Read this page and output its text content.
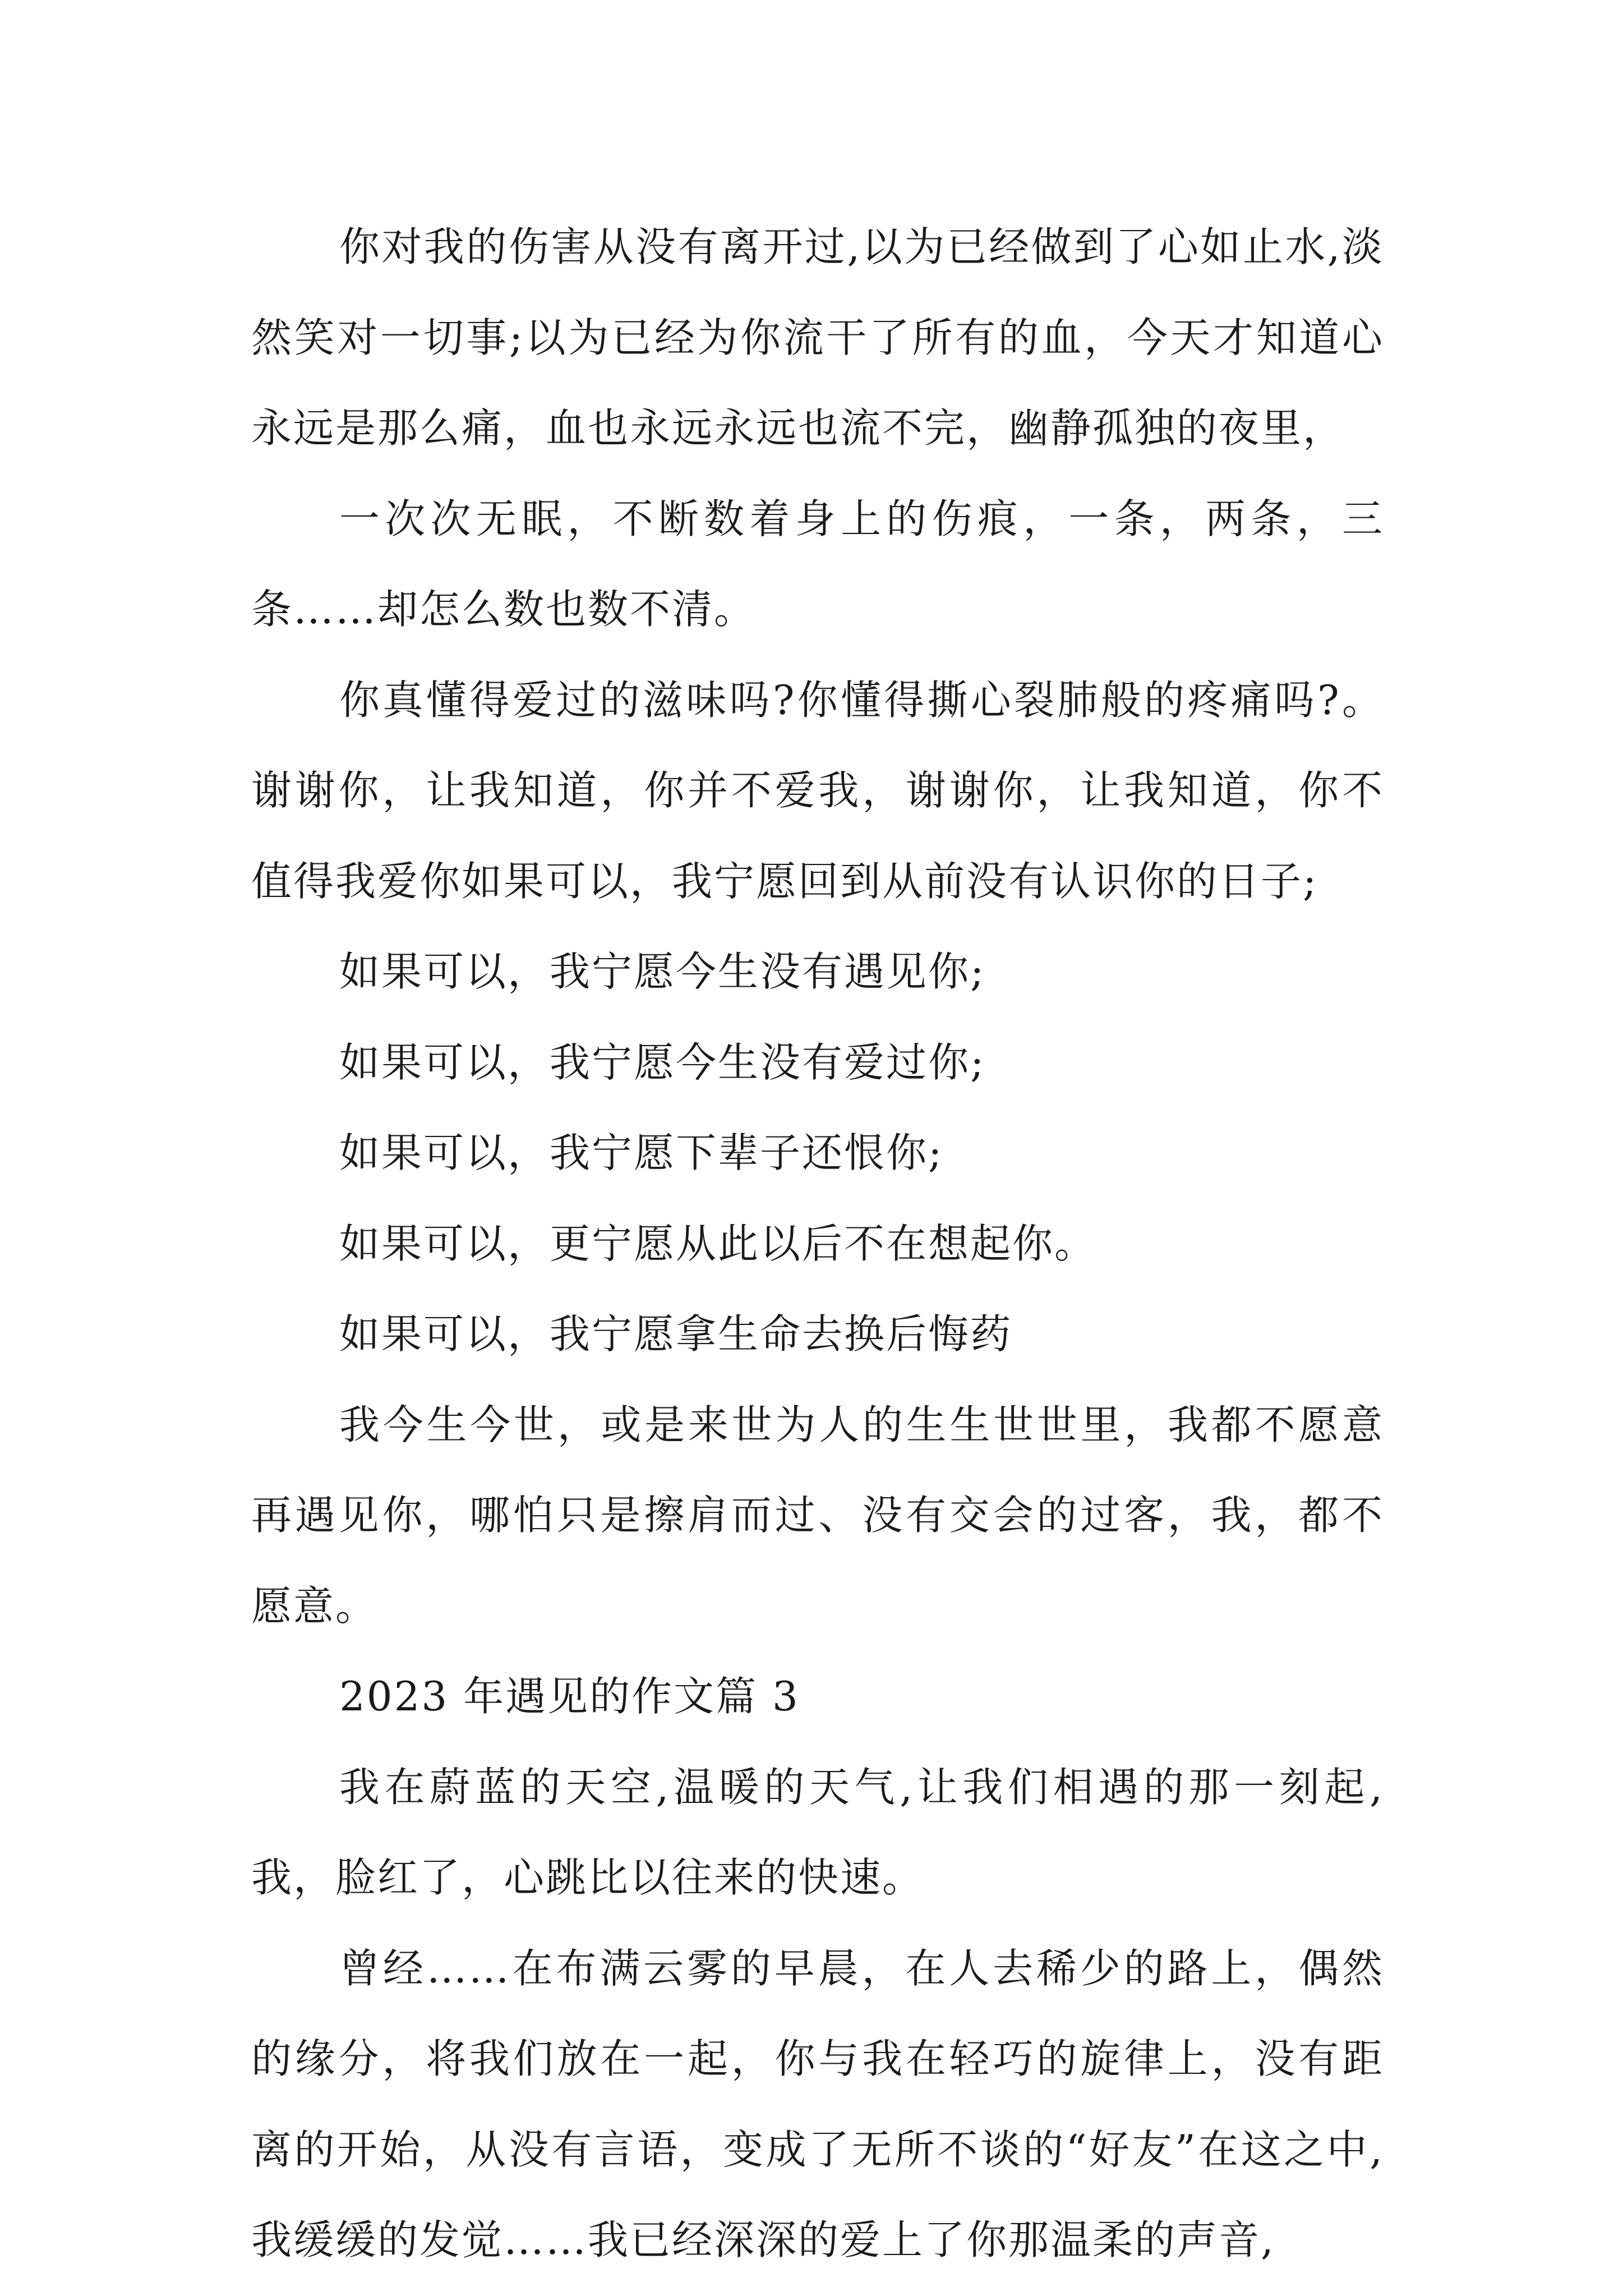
你对我的伤害从没有离开过,以为已经做到了心如止水,淡然笑对一切事;以为已经为你流干了所有的血，今天才知道心永远是那么痛，血也永远永远也流不完，幽静孤独的夜里，

一次次无眠，不断数着身上的伤痕，一条，两条，三条……却怎么数也数不清。

你真懂得爱过的滋味吗?你懂得撕心裂肺般的疼痛吗?。谢谢你，让我知道，你并不爱我，谢谢你，让我知道，你不值得我爱你如果可以，我宁愿回到从前没有认识你的日子;

如果可以，我宁愿今生没有遇见你;

如果可以，我宁愿今生没有爱过你;

如果可以，我宁愿下辈子还恨你;

如果可以，更宁愿从此以后不在想起你。

如果可以，我宁愿拿生命去换后悔药

我今生今世，或是来世为人的生生世世里，我都不愿意再遇见你，哪怕只是擦肩而过、没有交会的过客，我，都不愿意。

2023 年遇见的作文篇 3

我在蔚蓝的天空,温暖的天气,让我们相遇的那一刻起,我，脸红了，心跳比以往来的快速。

曾经……在布满云雾的早晨，在人去稀少的路上，偶然的缘分，将我们放在一起，你与我在轻巧的旋律上，没有距离的开始，从没有言语，变成了无所不谈的“好友”在这之中,我缓缓的发觉……我已经深深的爱上了你那温柔的声音,
